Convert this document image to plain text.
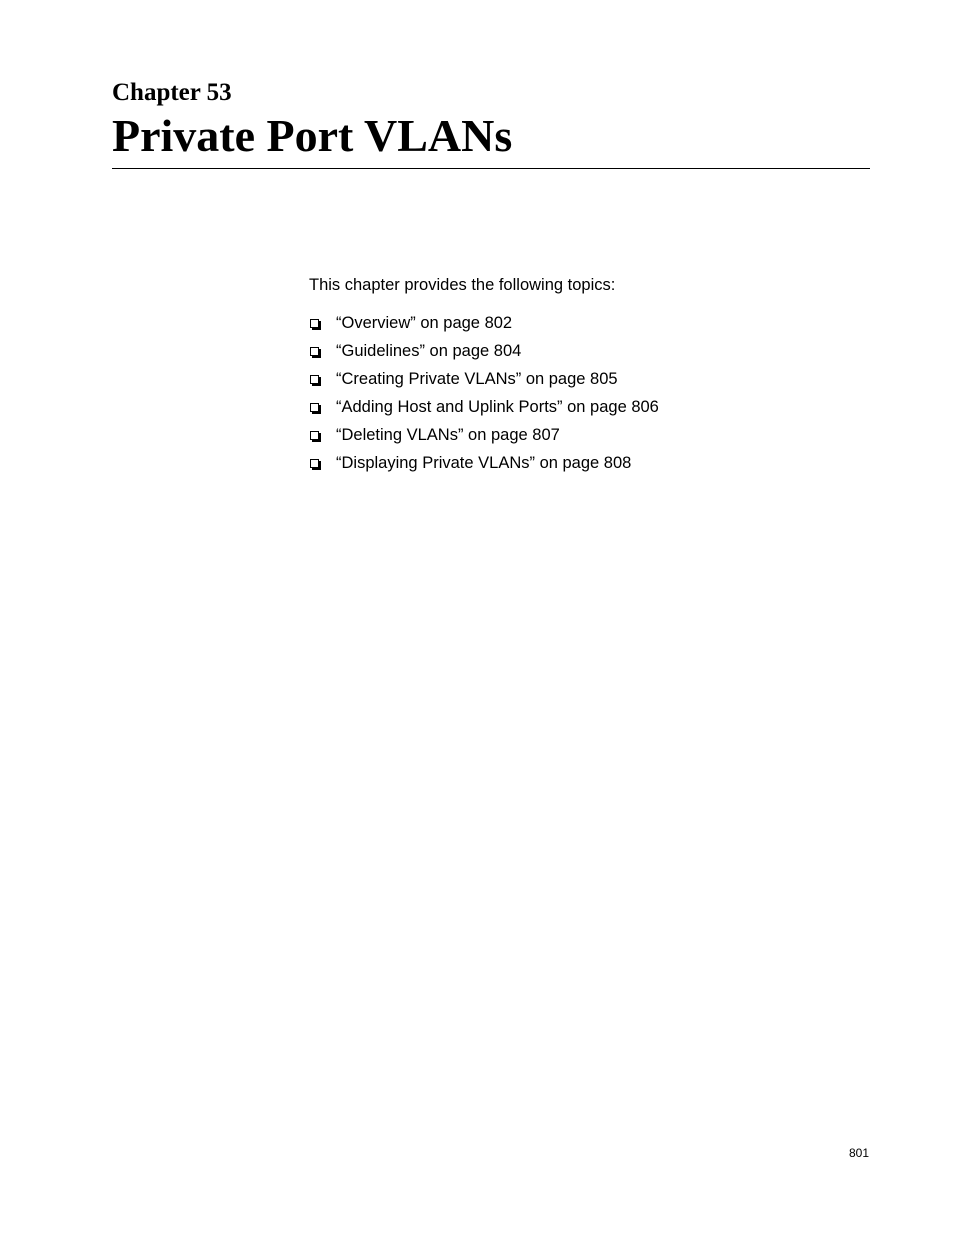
Chapter 53
Private Port VLANs

This chapter provides the following topics:

“Overview” on page 802
“Guidelines” on page 804
“Creating Private VLANs” on page 805
“Adding Host and Uplink Ports” on page 806
“Deleting VLANs” on page 807
“Displaying Private VLANs” on page 808

801
